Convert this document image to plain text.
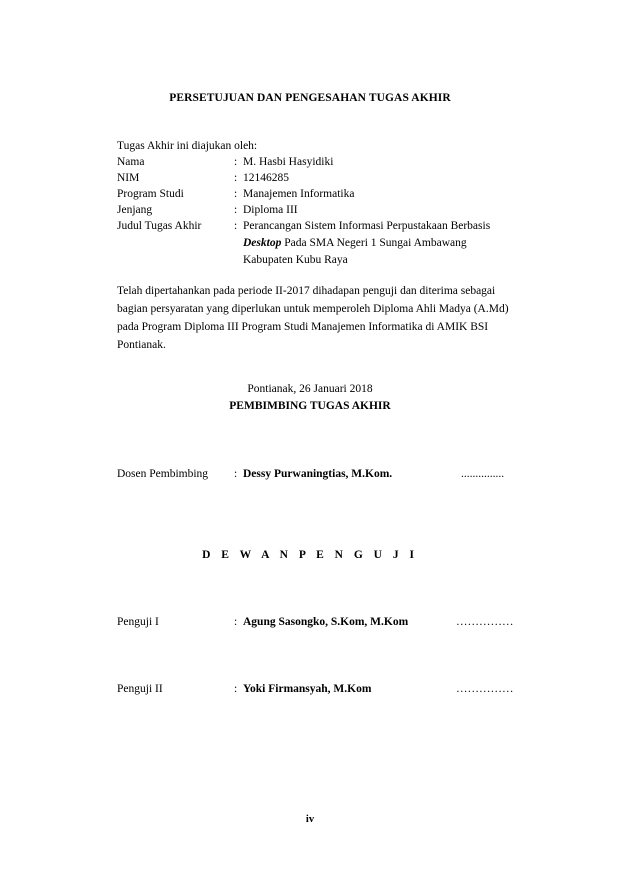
PERSETUJUAN DAN PENGESAHAN TUGAS AKHIR
Tugas Akhir ini diajukan oleh:
Nama	: M. Hasbi Hasyidiki
NIM	: 12146285
Program Studi	: Manajemen Informatika
Jenjang	: Diploma III
Judul Tugas Akhir	: Perancangan Sistem Informasi Perpustakaan Berbasis
Desktop Pada SMA Negeri 1 Sungai Ambawang
Kabupaten Kubu Raya
Telah dipertahankan pada periode II-2017 dihadapan penguji dan diterima sebagai bagian persyaratan yang diperlukan untuk memperoleh Diploma Ahli Madya (A.Md) pada Program Diploma III Program Studi Manajemen Informatika di AMIK BSI Pontianak.
Pontianak, 26 Januari 2018
PEMBIMBING TUGAS AKHIR
Dosen Pembimbing : Dessy Purwaningtias, M.Kom.	...............
D E W A N P E N G U J I
Penguji I	: Agung Sasongko, S.Kom, M.Kom	……………
Penguji II	: Yoki Firmansyah, M.Kom	……………
iv
